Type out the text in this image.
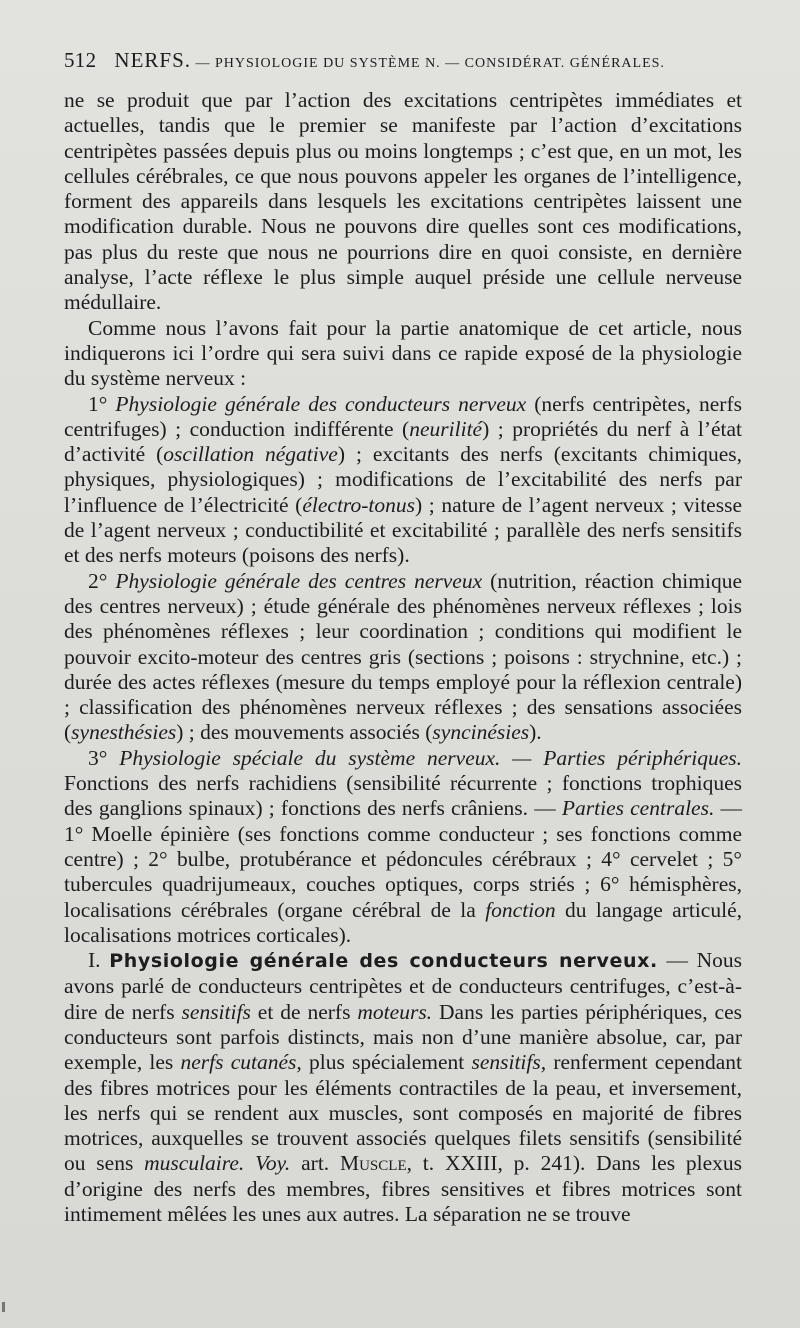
512 NERFS. — PHYSIOLOGIE DU SYSTÈME N. — CONSIDÉRAT. GÉNÉRALES.

ne se produit que par l’action des excitations centripètes immédiates et actuelles, tandis que le premier se manifeste par l’action d’excitations centripètes passées depuis plus ou moins longtemps ; c’est que, en un mot, les cellules cérébrales, ce que nous pouvons appeler les organes de l’intelligence, forment des appareils dans lesquels les excitations centripètes laissent une modification durable. Nous ne pouvons dire quelles sont ces modifications, pas plus du reste que nous ne pourrions dire en quoi consiste, en dernière analyse, l’acte réflexe le plus simple auquel préside une cellule nerveuse médullaire.

Comme nous l’avons fait pour la partie anatomique de cet article, nous indiquerons ici l’ordre qui sera suivi dans ce rapide exposé de la physiologie du système nerveux :

1° Physiologie générale des conducteurs nerveux (nerfs centripètes, nerfs centrifuges) ; conduction indifférente (neurilité) ; propriétés du nerf à l’état d’activité (oscillation négative) ; excitants des nerfs (excitants chimiques, physiques, physiologiques) ; modifications de l’excitabilité des nerfs par l’influence de l’électricité (électro-tonus) ; nature de l’agent nerveux ; vitesse de l’agent nerveux ; conductibilité et excitabilité ; parallèle des nerfs sensitifs et des nerfs moteurs (poisons des nerfs).

2° Physiologie générale des centres nerveux (nutrition, réaction chimique des centres nerveux) ; étude générale des phénomènes nerveux réflexes ; lois des phénomènes réflexes ; leur coordination ; conditions qui modifient le pouvoir excito-moteur des centres gris (sections ; poisons : strychnine, etc.) ; durée des actes réflexes (mesure du temps employé pour la réflexion centrale) ; classification des phénomènes nerveux réflexes ; des sensations associées (synesthésies) ; des mouvements associés (syncinésies).

3° Physiologie spéciale du système nerveux. — Parties périphériques. Fonctions des nerfs rachidiens (sensibilité récurrente ; fonctions trophiques des ganglions spinaux) ; fonctions des nerfs crâniens. — Parties centrales. — 1° Moelle épinière (ses fonctions comme conducteur ; ses fonctions comme centre) ; 2° bulbe, protubérance et pédoncules cérébraux ; 4° cervelet ; 5° tubercules quadrijumeaux, couches optiques, corps striés ; 6° hémisphères, localisations cérébrales (organe cérébral de la fonction du langage articulé, localisations motrices corticales).

I. Physiologie générale des conducteurs nerveux. — Nous avons parlé de conducteurs centripètes et de conducteurs centrifuges, c’est-à-dire de nerfs sensitifs et de nerfs moteurs. Dans les parties périphériques, ces conducteurs sont parfois distincts, mais non d’une manière absolue, car, par exemple, les nerfs cutanés, plus spécialement sensitifs, renferment cependant des fibres motrices pour les éléments contractiles de la peau, et inversement, les nerfs qui se rendent aux muscles, sont composés en majorité de fibres motrices, auxquelles se trouvent associés quelques filets sensitifs (sensibilité ou sens musculaire. Voy. art. Muscle, t. XXIII, p. 241). Dans les plexus d’origine des nerfs des membres, fibres sensitives et fibres motrices sont intimement mêlées les unes aux autres. La séparation ne se trouve
